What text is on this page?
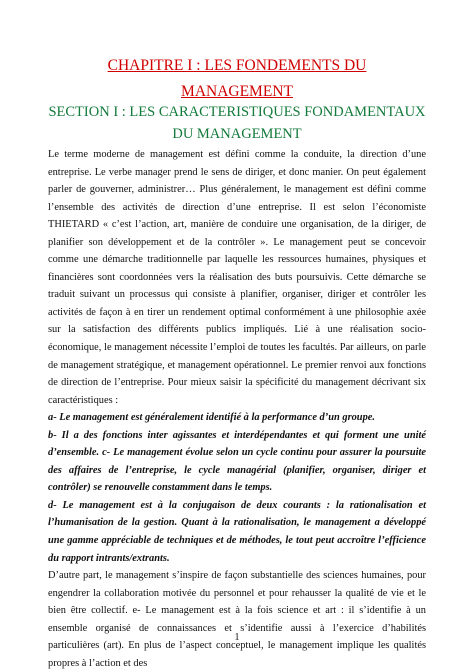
CHAPITRE I : LES FONDEMENTS DU
MANAGEMENT
SECTION I : LES CARACTERISTIQUES FONDAMENTAUX
DU MANAGEMENT

Le terme moderne de management est défini comme la conduite, la direction d’une entreprise. Le verbe manager prend le sens de diriger, et donc manier. On peut également parler de gouverner, administrer… Plus généralement, le management est défini comme l’ensemble des activités de direction d’une entreprise. Il est selon l’économiste THIETARD « c’est l’action, art, manière de conduire une organisation, de la diriger, de planifier son développement et de la contrôler ». Le management peut se concevoir comme une démarche traditionnelle par laquelle les ressources humaines, physiques et financières sont coordonnées vers la réalisation des buts poursuivis. Cette démarche se traduit suivant un processus qui consiste à planifier, organiser, diriger et contrôler les activités de façon à en tirer un rendement optimal conformément à une philosophie axée sur la satisfaction des différents publics impliqués. Lié à une réalisation socio-économique, le management nécessite l’emploi de toutes les facultés. Par ailleurs, on parle de management stratégique, et management opérationnel. Le premier renvoi aux fonctions de direction de l’entreprise. Pour mieux saisir la spécificité du management décrivant six caractéristiques :

a- Le management est généralement identifié à la performance d’un groupe.

b- Il a des fonctions inter agissantes et interdépendantes et qui forment une unité d’ensemble. c- Le management évolue selon un cycle continu pour assurer la poursuite des affaires de l’entreprise, le cycle managérial (planifier, organiser, diriger et contrôler) se renouvelle constamment dans le temps.

d- Le management est à la conjugaison de deux courants : la rationalisation et l’humanisation de la gestion. Quant à la rationalisation, le management a développé une gamme appréciable de techniques et de méthodes, le tout peut accroître l’efficience du rapport intrants/extrants.

D’autre part, le management s’inspire de façon substantielle des sciences humaines, pour engendrer la collaboration motivée du personnel et pour rehausser la qualité de vie et le bien être collectif. e- Le management est à la fois science et art : il s’identifie à un ensemble organisé de connaissances et s’identifie aussi à l’exercice d’habilités particulières (art). En plus de l’aspect conceptuel, le management implique les qualités propres à l’action et des

1
